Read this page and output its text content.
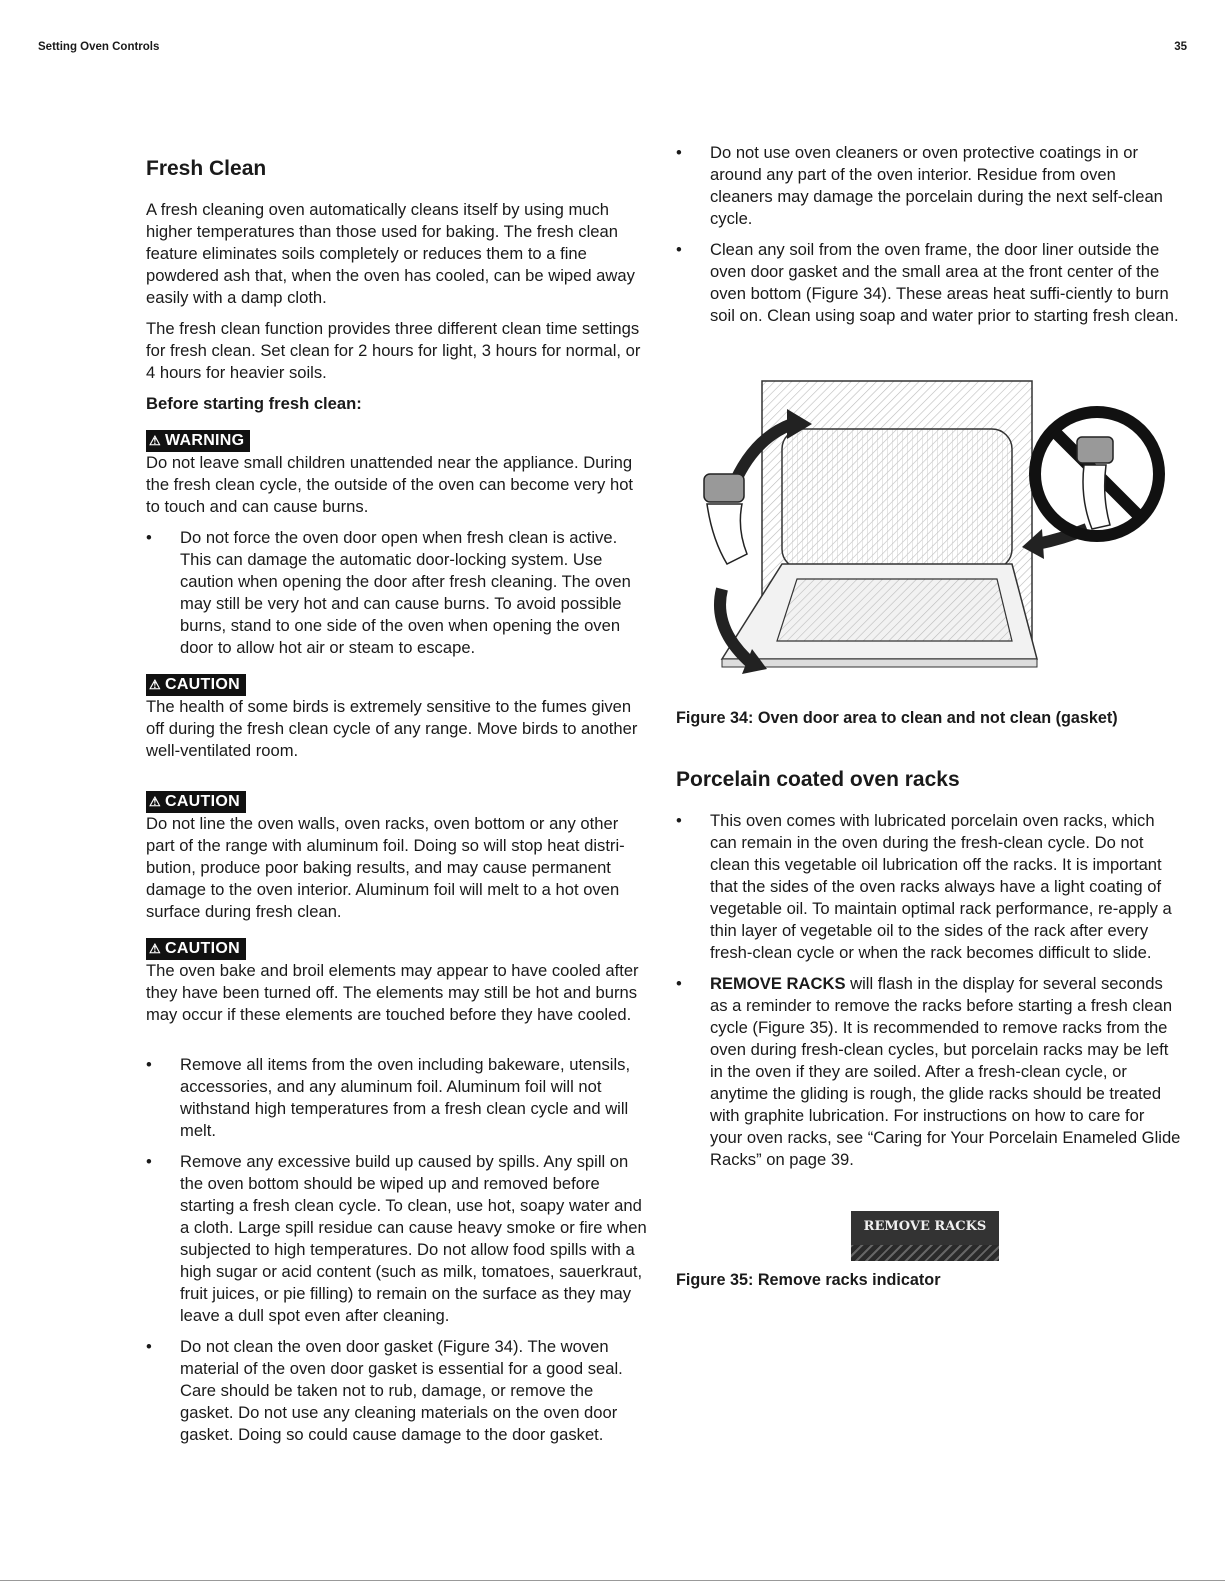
Setting Oven Controls	35
Fresh Clean

A fresh cleaning oven automatically cleans itself by using much higher temperatures than those used for baking. The fresh clean feature eliminates soils completely or reduces them to a fine powdered ash that, when the oven has cooled, can be wiped away easily with a damp cloth.

The fresh clean function provides three different clean time settings for fresh clean. Set clean for 2 hours for light, 3 hours for normal, or 4 hours for heavier soils.

Before starting fresh clean:

⚠ WARNING

Do not leave small children unattended near the appliance. During the fresh clean cycle, the outside of the oven can become very hot to touch and can cause burns.

• Do not force the oven door open when fresh clean is active. This can damage the automatic door-locking system. Use caution when opening the door after fresh cleaning. The oven may still be very hot and can cause burns. To avoid possible burns, stand to one side of the oven when opening the oven door to allow hot air or steam to escape.
⚠ CAUTION

The health of some birds is extremely sensitive to the fumes given off during the fresh clean cycle of any range. Move birds to another well-ventilated room.

⚠ CAUTION

Do not line the oven walls, oven racks, oven bottom or any other part of the range with aluminum foil. Doing so will stop heat distri-bution, produce poor baking results, and may cause permanent damage to the oven interior. Aluminum foil will melt to a hot oven surface during fresh clean.

⚠ CAUTION

The oven bake and broil elements may appear to have cooled after they have been turned off. The elements may still be hot and burns may occur if these elements are touched before they have cooled.

• Remove all items from the oven including bakeware, utensils, accessories, and any aluminum foil. Aluminum foil will not withstand high temperatures from a fresh clean cycle and will melt.
• Remove any excessive build up caused by spills. Any spill on the oven bottom should be wiped up and removed before starting a fresh clean cycle. To clean, use hot, soapy water and a cloth. Large spill residue can cause heavy smoke or fire when subjected to high temperatures. Do not allow food spills with a high sugar or acid content (such as milk, tomatoes, sauerkraut, fruit juices, or pie filling) to remain on the surface as they may leave a dull spot even after cleaning.
• Do not clean the oven door gasket (Figure 34). The woven material of the oven door gasket is essential for a good seal. Care should be taken not to rub, damage, or remove the gasket. Do not use any cleaning materials on the oven door gasket. Doing so could cause damage to the door gasket.
• Do not use oven cleaners or oven protective coatings in or around any part of the oven interior. Residue from oven cleaners may damage the porcelain during the next self-clean cycle.
• Clean any soil from the oven frame, the door liner outside the oven door gasket and the small area at the front center of the oven bottom (Figure 34). These areas heat suffi-ciently to burn soil on. Clean using soap and water prior to starting fresh clean.
Figure 34: Oven door area to clean and not clean (gasket)
Porcelain coated oven racks
• This oven comes with lubricated porcelain oven racks, which can remain in the oven during the fresh-clean cycle. Do not clean this vegetable oil lubrication off the racks. It is important that the sides of the oven racks always have a light coating of vegetable oil. To maintain optimal rack performance, re-apply a thin layer of vegetable oil to the sides of the rack after every fresh-clean cycle or when the rack becomes difficult to slide.
• REMOVE RACKS will flash in the display for several seconds as a reminder to remove the racks before starting a fresh clean cycle (Figure 35). It is recommended to remove racks from the oven during fresh-clean cycles, but porcelain racks may be left in the oven if they are soiled. After a fresh-clean cycle, or anytime the gliding is rough, the glide racks should be treated with graphite lubrication. For instructions on how to care for your oven racks, see “Caring for Your Porcelain Enameled Glide Racks” on page 39.
REMOVE RACKS
Figure 35: Remove racks indicator
